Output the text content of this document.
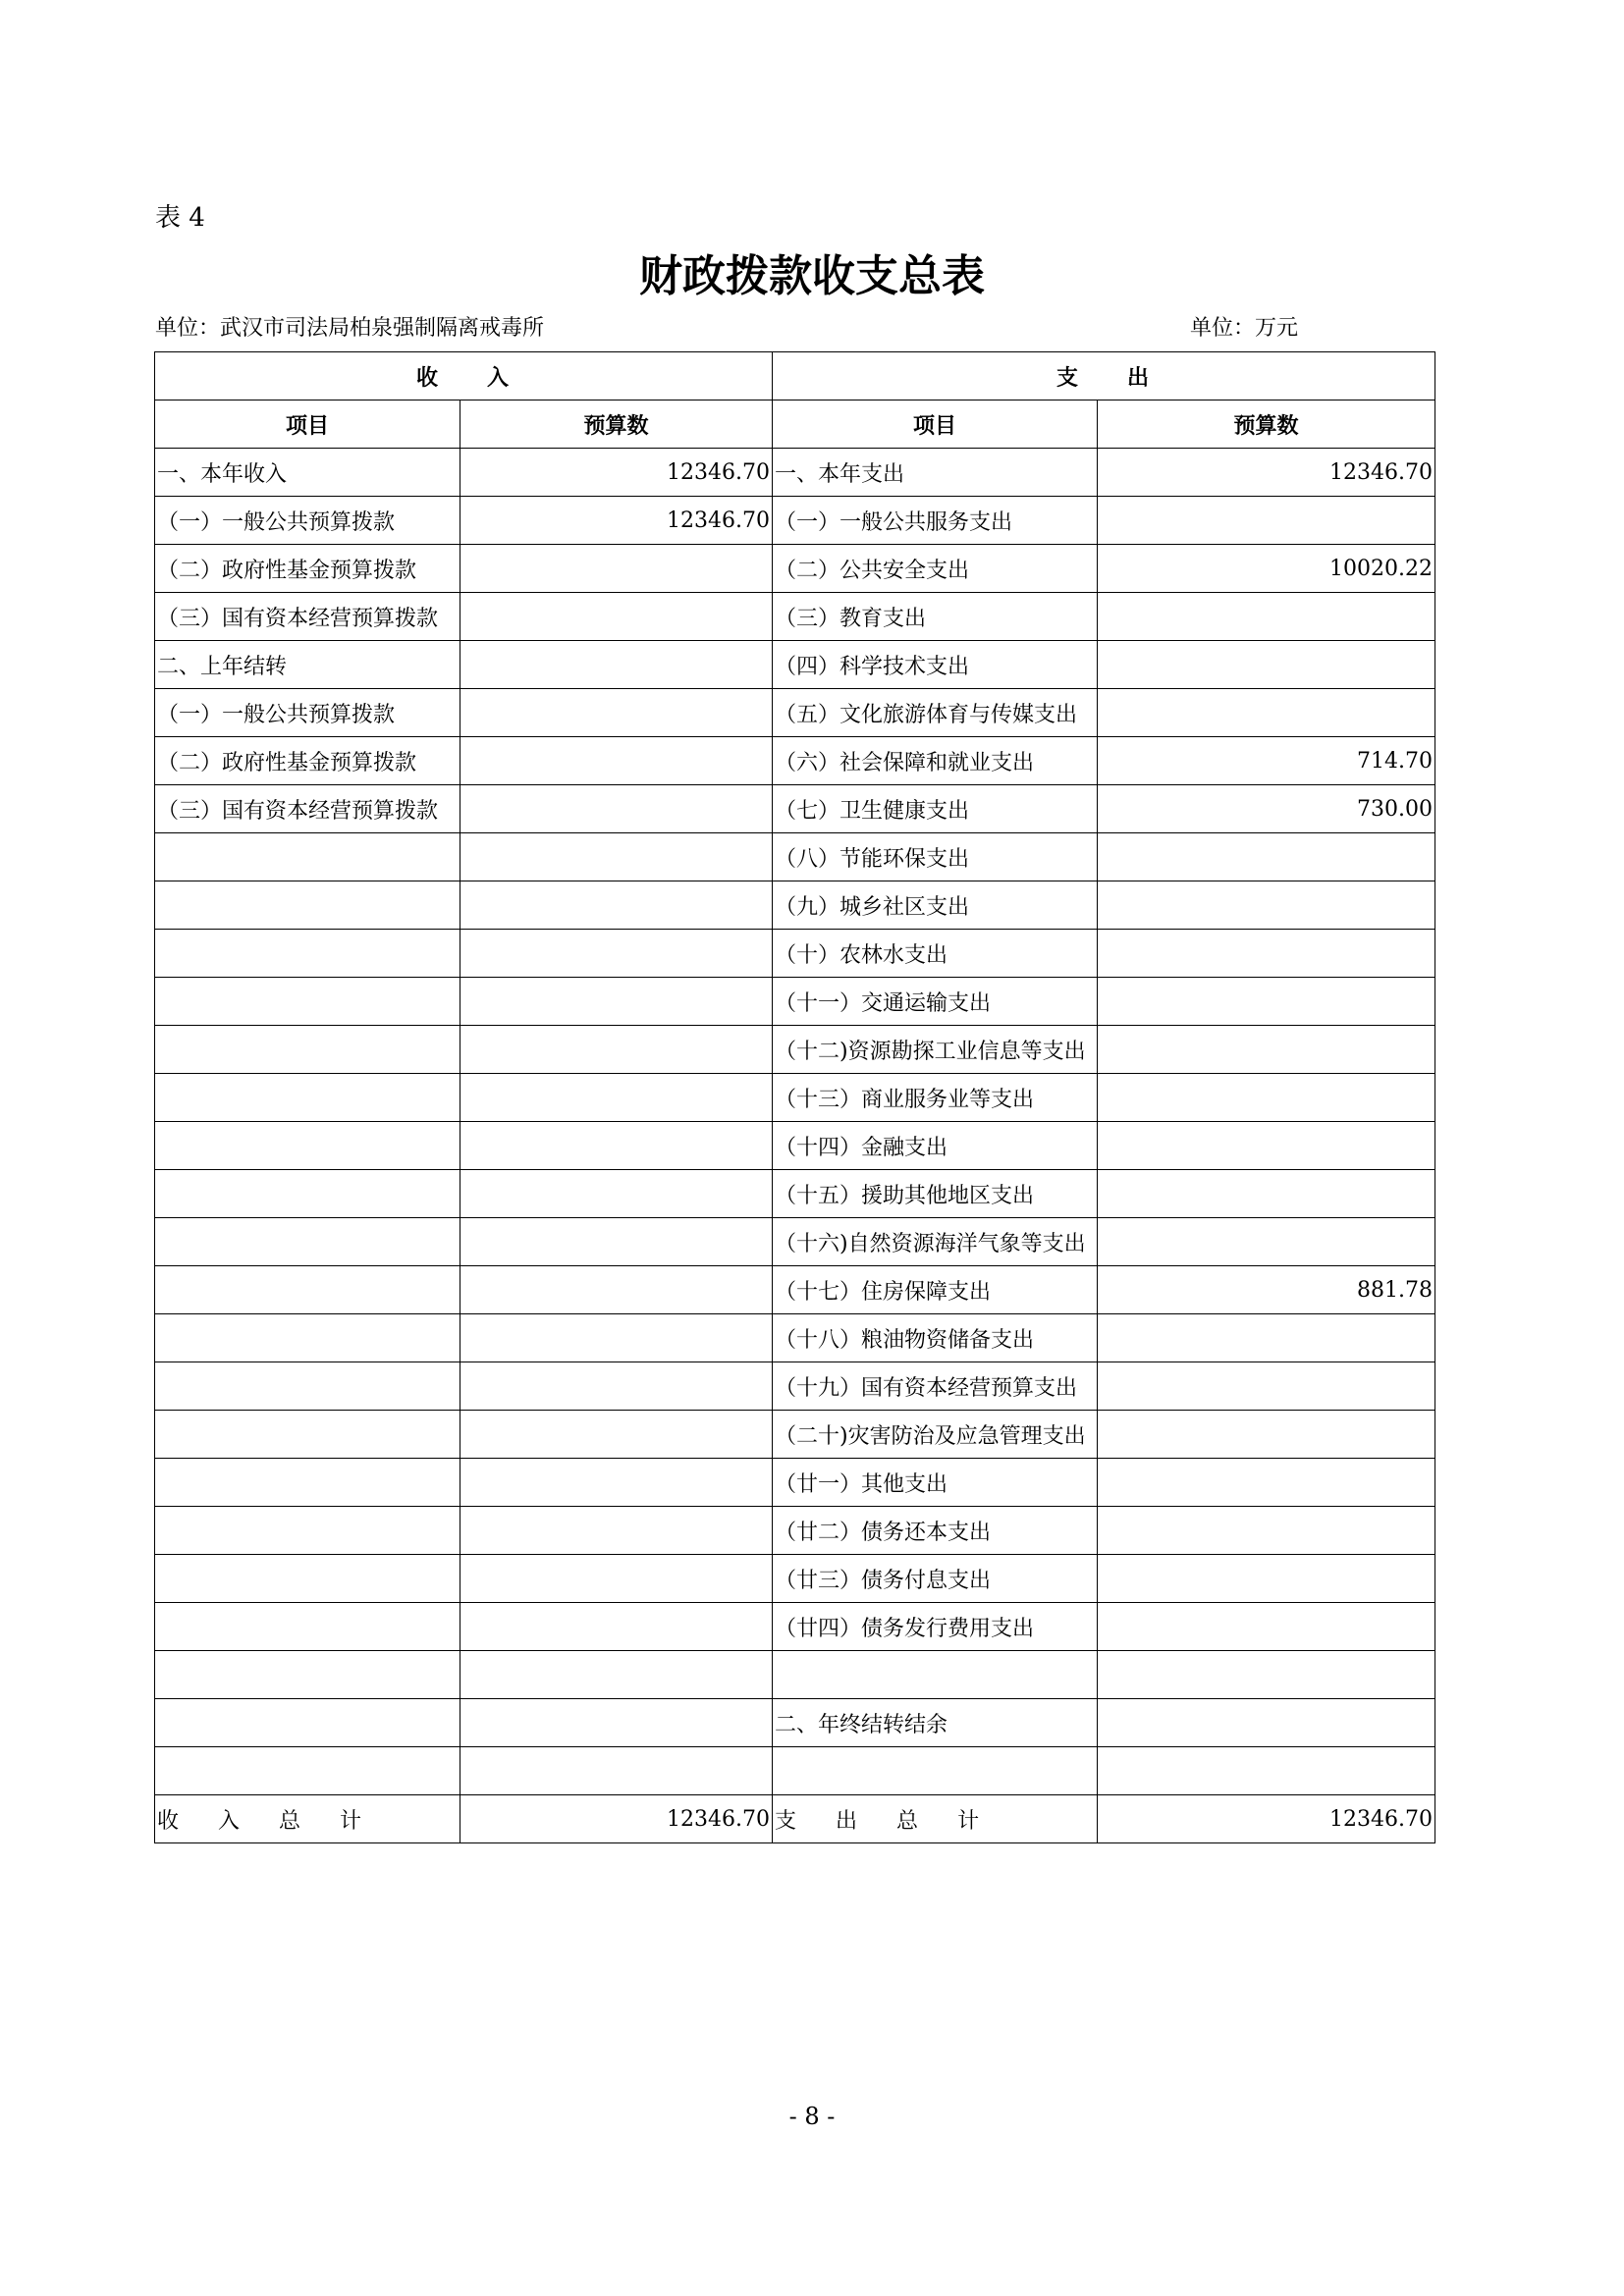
表 4
财政拨款收支总表
单位：武汉市司法局柏泉强制隔离戒毒所	单位：万元
收　　入		支　　出	
项目	预算数	项目	预算数
一、本年收入	12346.70	一、本年支出	12346.70
（一）一般公共预算拨款	12346.70	（一）一般公共服务支出	
（二）政府性基金预算拨款		（二）公共安全支出	10020.22
（三）国有资本经营预算拨款		（三）教育支出	
二、上年结转		（四）科学技术支出	
（一）一般公共预算拨款		（五）文化旅游体育与传媒支出	
（二）政府性基金预算拨款		（六）社会保障和就业支出	714.70
（三）国有资本经营预算拨款		（七）卫生健康支出	730.00
		（八）节能环保支出	
		（九）城乡社区支出	
		（十）农林水支出	
		（十一）交通运输支出	
		（十二)资源勘探工业信息等支出	
		（十三）商业服务业等支出	
		（十四）金融支出	
		（十五）援助其他地区支出	
		（十六)自然资源海洋气象等支出	
		（十七）住房保障支出	881.78
		（十八）粮油物资储备支出	
		（十九）国有资本经营预算支出	
		（二十)灾害防治及应急管理支出	
		（廿一）其他支出	
		（廿二）债务还本支出	
		（廿三）债务付息支出	
		（廿四）债务发行费用支出	

		二、年终结转结余	

收 入 总 计	12346.70	支 出 总 计	12346.70
- 8 -
